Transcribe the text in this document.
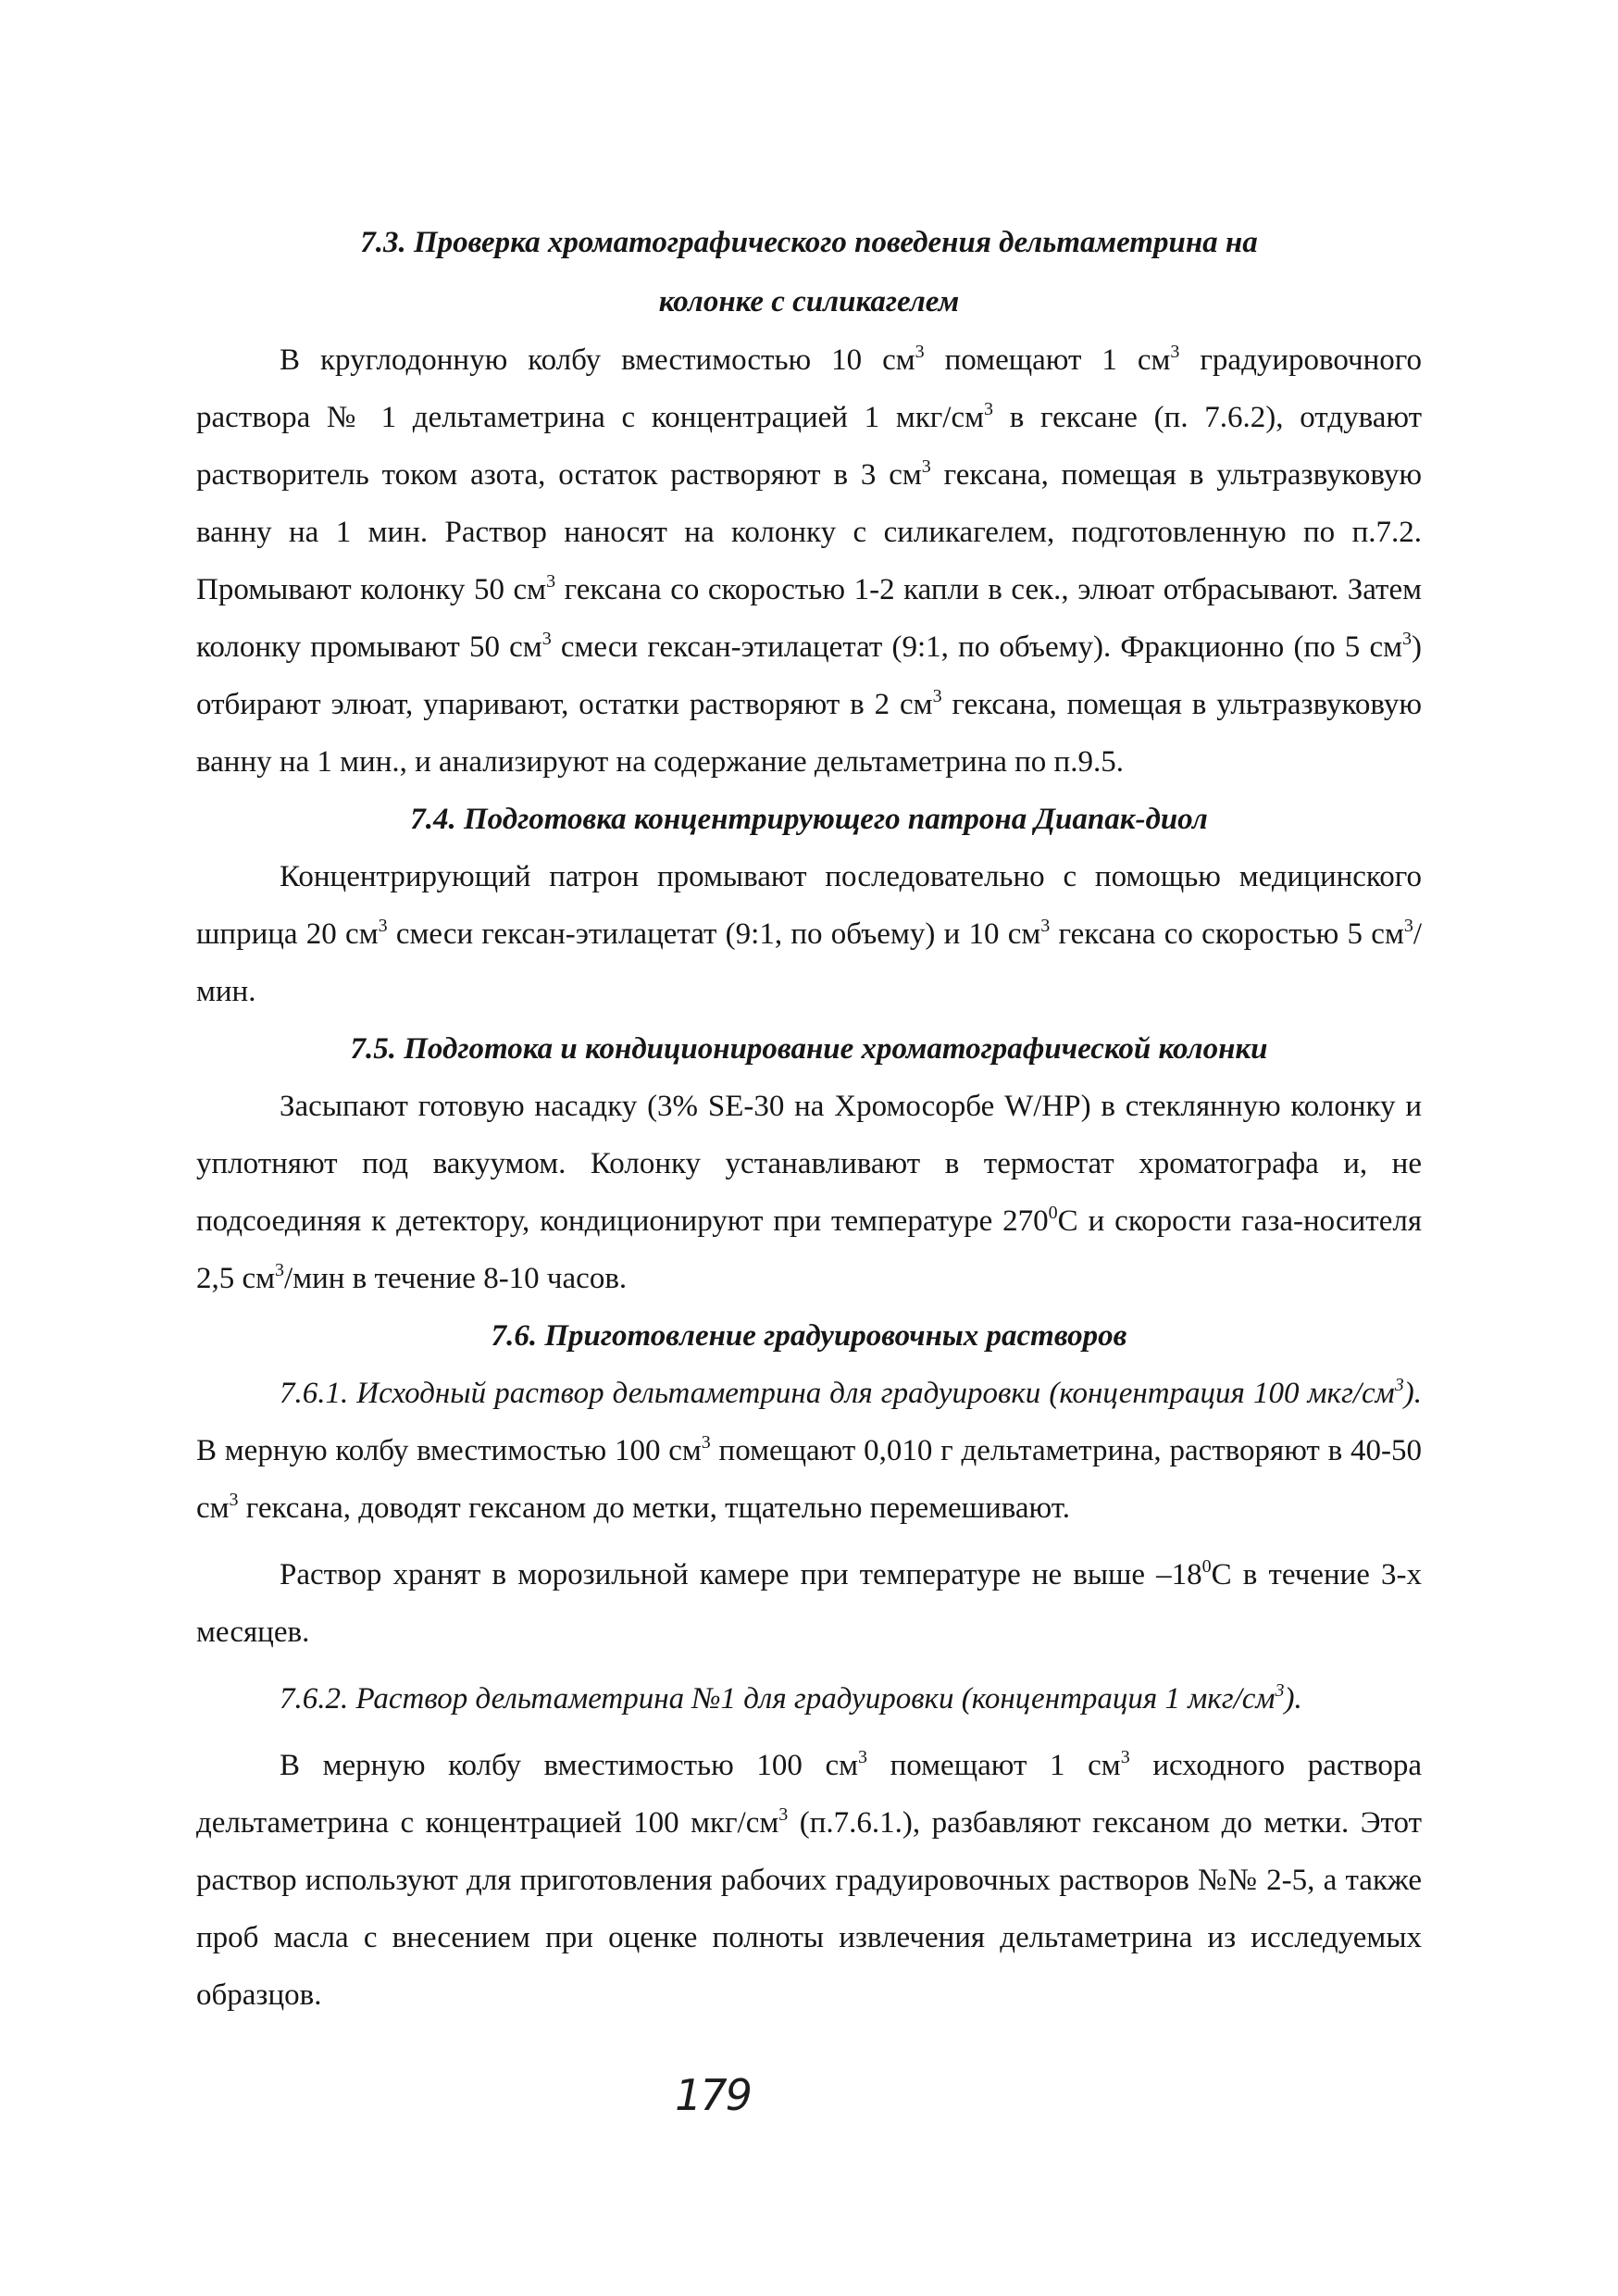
7.3. Проверка хроматографического поведения дельтаметрина на
колонке с силикагелем

В круглодонную колбу вместимостью 10 $см^3$ помещают 1 $см^3$ градуировочного раствора № 1 дельтаметрина с концентрацией 1 мкг/$см^3$ в гексане (п. 7.6.2), отдувают растворитель током азота, остаток растворяют в 3 $см^3$ гексана, помещая в ультразвуковую ванну на 1 мин. Раствор наносят на колонку с силикагелем, подготовленную по п.7.2. Промывают колонку 50 $см^3$ гексана со скоростью 1-2 капли в сек., элюат отбрасывают. Затем колонку промывают 50 $см^3$ смеси гексан-этилацетат (9:1, по объему). Фракционно (по 5 $см^3$) отбирают элюат, упаривают, остатки растворяют в 2 $см^3$ гексана, помещая в ультразвуковую ванну на 1 мин., и анализируют на содержание дельтаметрина по п.9.5.

7.4. Подготовка концентрирующего патрона Диапак-диол

Концентрирующий патрон промывают последовательно с помощью медицинского шприца 20 $см^3$ смеси гексан-этилацетат (9:1, по объему) и 10 $см^3$ гексана со скоростью 5 $см^3$/мин.

7.5. Подготока и кондиционирование хроматографической колонки

Засыпают готовую насадку (3% SE-30 на Хромосорбе W/HP) в стеклянную колонку и уплотняют под вакуумом. Колонку устанавливают в термостат хроматографа и, не подсоединяя к детектору, кондиционируют при температуре $270^0С$ и скорости газа-носителя 2,5 $см^3$/мин в течение 8-10 часов.

7.6. Приготовление градуировочных растворов

7.6.1. Исходный раствор дельтаметрина для градуировки (концентрация 100 мкг/$см^3$). В мерную колбу вместимостью 100 $см^3$ помещают 0,010 г дельтаметрина, растворяют в 40-50 $см^3$ гексана, доводят гексаном до метки, тщательно перемешивают.

Раствор хранят в морозильной камере при температуре не выше $-18^0С$ в течение 3-х месяцев.

7.6.2. Раствор дельтаметрина №1 для градуировки (концентрация 1 мкг/$см^3$).

В мерную колбу вместимостью 100 $см^3$ помещают 1 $см^3$ исходного раствора дельтаметрина с концентрацией 100 мкг/$см^3$ (п.7.6.1.), разбавляют гексаном до метки. Этот раствор используют для приготовления рабочих градуировочных растворов №№ 2-5, а также проб масла с внесением при оценке полноты извлечения дельтаметрина из исследуемых образцов.

179
